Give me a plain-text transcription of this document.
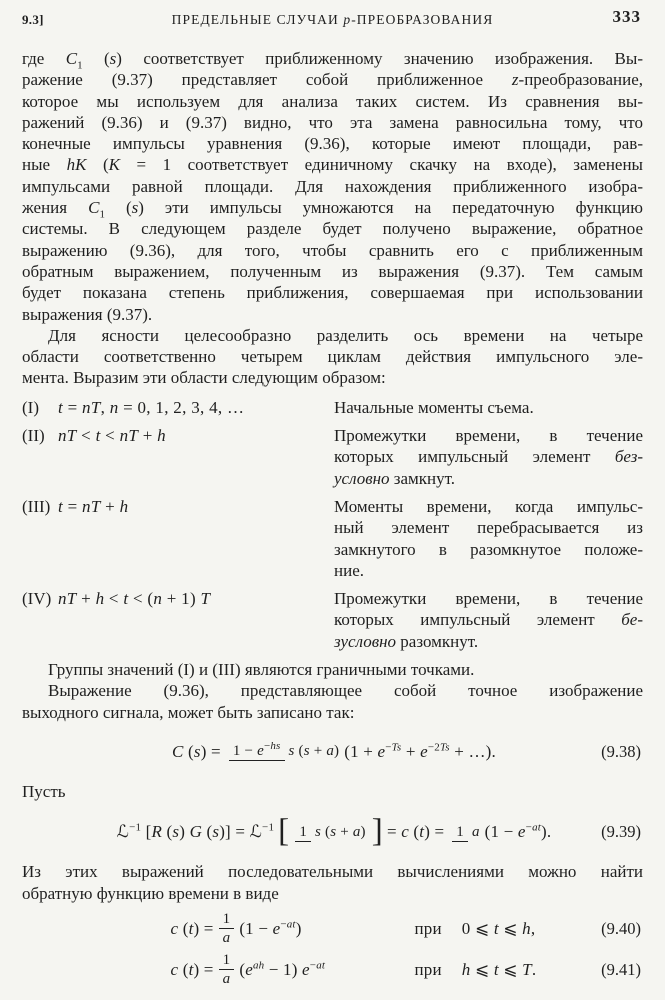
9.3]	ПРЕДЕЛЬНЫЕ СЛУЧАИ p-ПРЕОБРАЗОВАНИЯ	333
где $C_1$ (s) соответствует приближенному значению изображения. Вы-
ражение (9.37) представляет собой приближенное z-преобразование,
которое мы используем для анализа таких систем. Из сравнения вы-
ражений (9.36) и (9.37) видно, что эта замена равносильна тому, что
конечные импульсы уравнения (9.36), которые имеют площади, рав-
ные hK (K = 1 соответствует единичному скачку на входе), заменены
импульсами равной площади. Для нахождения приближенного изобра-
жения $C_1$ (s) эти импульсы умножаются на передаточную функцию
системы. В следующем разделе будет получено выражение, обратное
выражению (9.36), для того, чтобы сравнить его с приближенным
обратным выражением, полученным из выражения (9.37). Тем самым
будет показана степень приближения, совершаемая при использовании
выражения (9.37).
Для ясности целесообразно разделить ось времени на четыре
области соответственно четырем циклам действия импульсного эле-
мента. Выразим эти области следующим образом:
(I)	t = nT, n = 0, 1, 2, 3, 4, …	Начальные моменты съема.
(II) nT < t < nT + h	Промежутки времени, в течение
которых импульсный элемент без-
условно замкнут.
(III) t = nT + h	Моменты времени, когда импульс-
ный элемент перебрасывается из
замкнутого в разомкнутое положе-
ние.
(IV) nT + h < t < (n + 1) T	Промежутки времени, в течение
которых импульсный элемент бе-
зусловно разомкнут.
Группы значений (I) и (III) являются граничными точками.
Выражение (9.36), представляющее собой точное изображение
выходного сигнала, может быть записано так:
C $(s) = 1 - e^{-hs}$ s (s + a) ($1 + e^{-Ts} + e^{-2Ts}$ + …).	(9.38)
Пусть
ℒ$^{-1}$ [R (s) G (s)] = ℒ$^{-1}$ [ 1 s (s + a) ] = c (t) = 1 a $(1 - e^{-at})$.	(9.39)
Из этих выражений последовательными вычислениями можно найти
обратную функцию времени в виде
c $(t) = \frac{1}{a} (1 - e^{-at})$	при 0 ⩽ t ⩽ h,	(9.40)
c $(t) = \frac{1}{a} (e^{ah} - 1)$ $e^{-at}$	при h ⩽ t ⩽ T.	(9.41)
